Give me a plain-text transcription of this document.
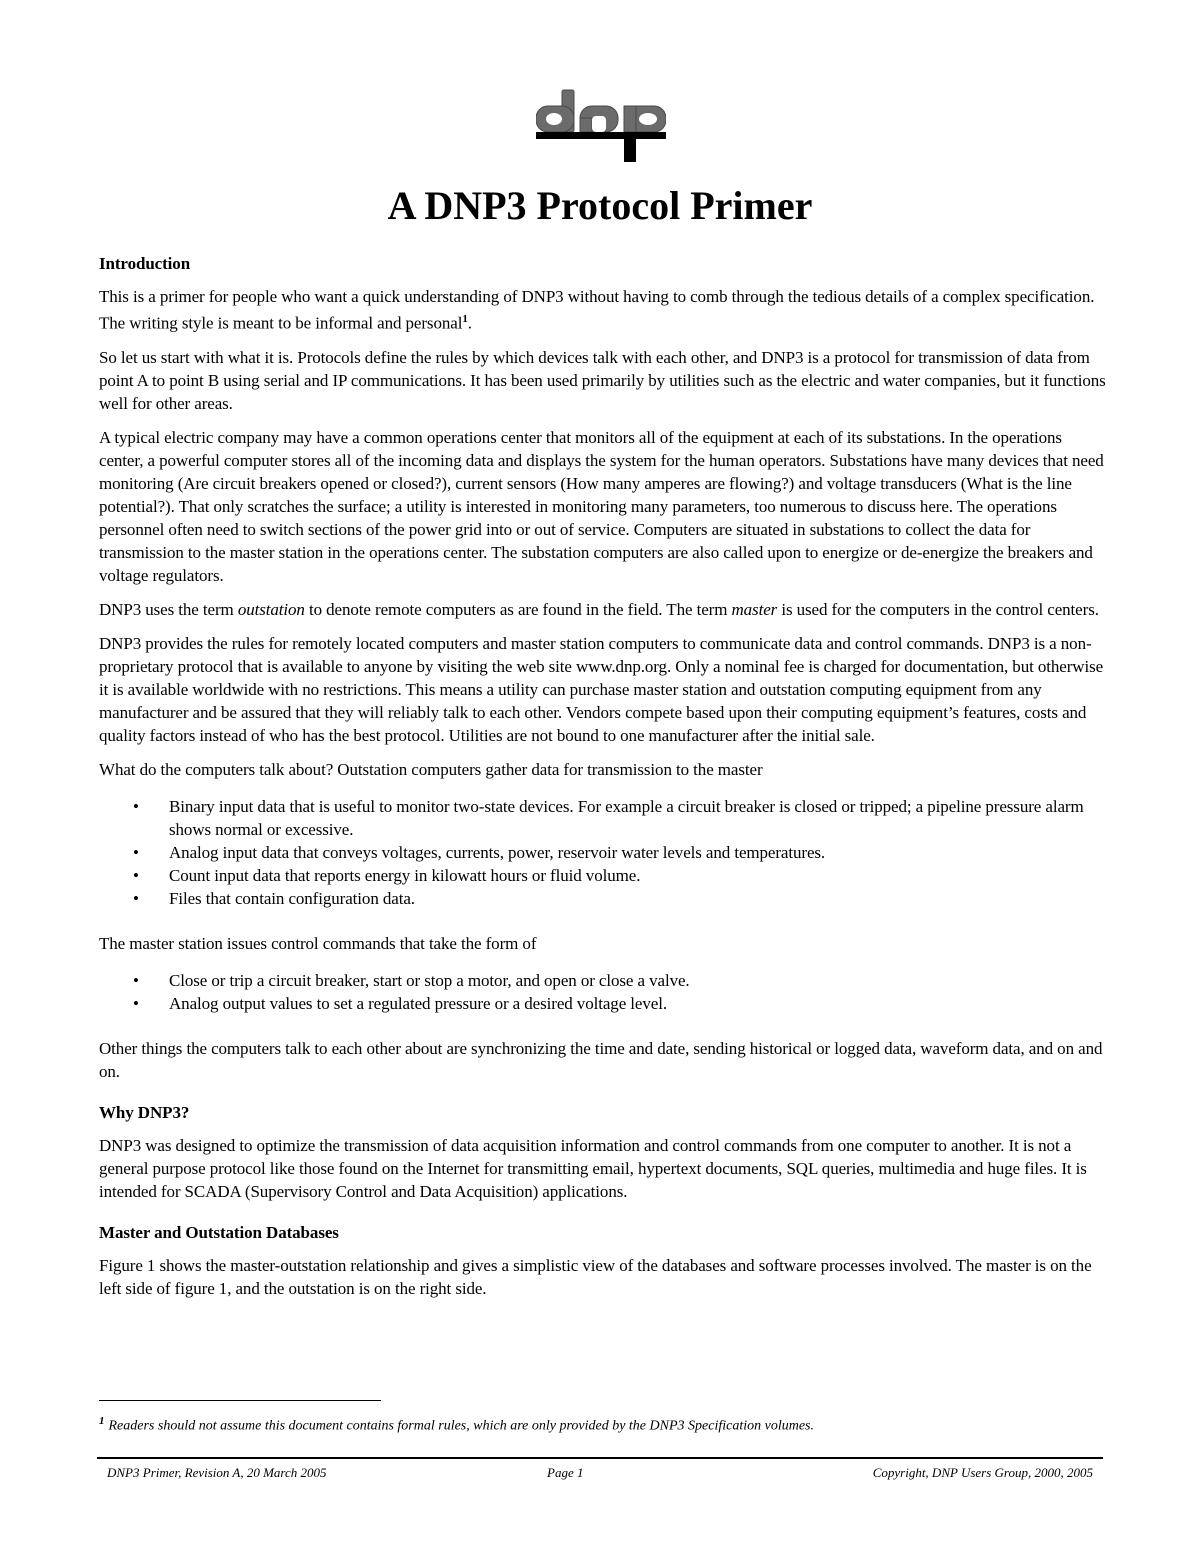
A DNP3 Protocol Primer
Introduction

This is a primer for people who want a quick understanding of DNP3 without having to comb through the tedious details of a complex specification. The writing style is meant to be informal and personal$^1$.

So let us start with what it is. Protocols define the rules by which devices talk with each other, and DNP3 is a protocol for transmission of data from point A to point B using serial and IP communications. It has been used primarily by utilities such as the electric and water companies, but it functions well for other areas.

A typical electric company may have a common operations center that monitors all of the equipment at each of its substations. In the operations center, a powerful computer stores all of the incoming data and displays the system for the human operators. Substations have many devices that need monitoring (Are circuit breakers opened or closed?), current sensors (How many amperes are flowing?) and voltage transducers (What is the line potential?). That only scratches the surface; a utility is interested in monitoring many parameters, too numerous to discuss here. The operations personnel often need to switch sections of the power grid into or out of service. Computers are situated in substations to collect the data for transmission to the master station in the operations center. The substation computers are also called upon to energize or de-energize the breakers and voltage regulators.

DNP3 uses the term outstation to denote remote computers as are found in the field. The term master is used for the computers in the control centers.

DNP3 provides the rules for remotely located computers and master station computers to communicate data and control commands. DNP3 is a non-proprietary protocol that is available to anyone by visiting the web site www.dnp.org. Only a nominal fee is charged for documentation, but otherwise it is available worldwide with no restrictions. This means a utility can purchase master station and outstation computing equipment from any manufacturer and be assured that they will reliably talk to each other. Vendors compete based upon their computing equipment’s features, costs and quality factors instead of who has the best protocol. Utilities are not bound to one manufacturer after the initial sale.

What do the computers talk about? Outstation computers gather data for transmission to the master

• Binary input data that is useful to monitor two-state devices. For example a circuit breaker is closed or tripped; a pipeline pressure alarm shows normal or excessive.
• Analog input data that conveys voltages, currents, power, reservoir water levels and temperatures.
• Count input data that reports energy in kilowatt hours or fluid volume.
• Files that contain configuration data.

The master station issues control commands that take the form of

• Close or trip a circuit breaker, start or stop a motor, and open or close a valve.
• Analog output values to set a regulated pressure or a desired voltage level.

Other things the computers talk to each other about are synchronizing the time and date, sending historical or logged data, waveform data, and on and on.

Why DNP3?

DNP3 was designed to optimize the transmission of data acquisition information and control commands from one computer to another. It is not a general purpose protocol like those found on the Internet for transmitting email, hypertext documents, SQL queries, multimedia and huge files. It is intended for SCADA (Supervisory Control and Data Acquisition) applications.

Master and Outstation Databases

Figure 1 shows the master-outstation relationship and gives a simplistic view of the databases and software processes involved. The master is on the left side of figure 1, and the outstation is on the right side.

$^1$ Readers should not assume this document contains formal rules, which are only provided by the DNP3 Specification volumes.
DNP3 Primer, Revision A, 20 March 2005	Page 1	Copyright, DNP Users Group, 2000, 2005
